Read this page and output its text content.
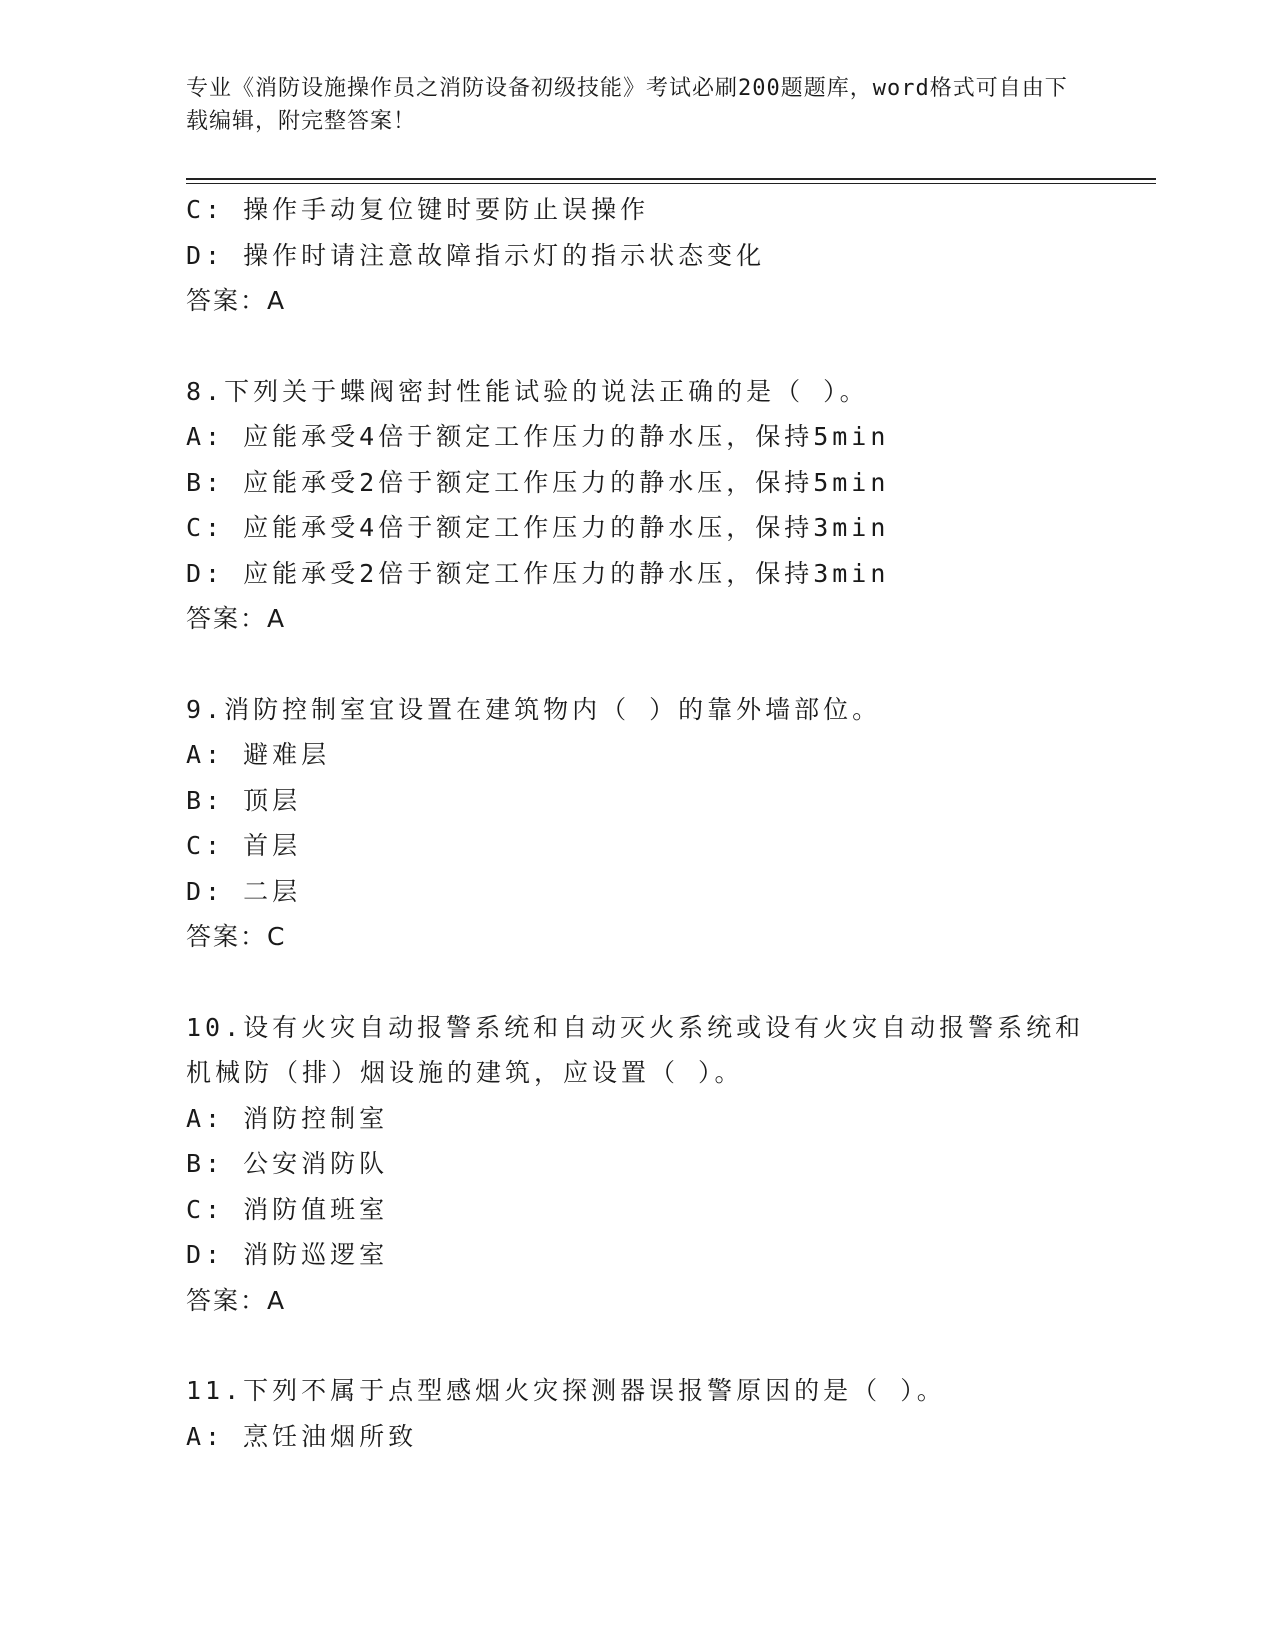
专业《消防设施操作员之消防设备初级技能》考试必刷200题题库，word格式可自由下载编辑，附完整答案！
C: 操作手动复位键时要防止误操作
D: 操作时请注意故障指示灯的指示状态变化
答案：A
8.下列关于蝶阀密封性能试验的说法正确的是（ ）。
A: 应能承受4倍于额定工作压力的静水压，保持5min
B: 应能承受2倍于额定工作压力的静水压，保持5min
C: 应能承受4倍于额定工作压力的静水压，保持3min
D: 应能承受2倍于额定工作压力的静水压，保持3min
答案：A
9.消防控制室宜设置在建筑物内（ ）的靠外墙部位。
A: 避难层
B: 顶层
C: 首层
D: 二层
答案：C
10.设有火灾自动报警系统和自动灭火系统或设有火灾自动报警系统和机械防（排）烟设施的建筑，应设置（ ）。
A: 消防控制室
B: 公安消防队
C: 消防值班室
D: 消防巡逻室
答案：A
11.下列不属于点型感烟火灾探测器误报警原因的是（ ）。
A: 烹饪油烟所致
